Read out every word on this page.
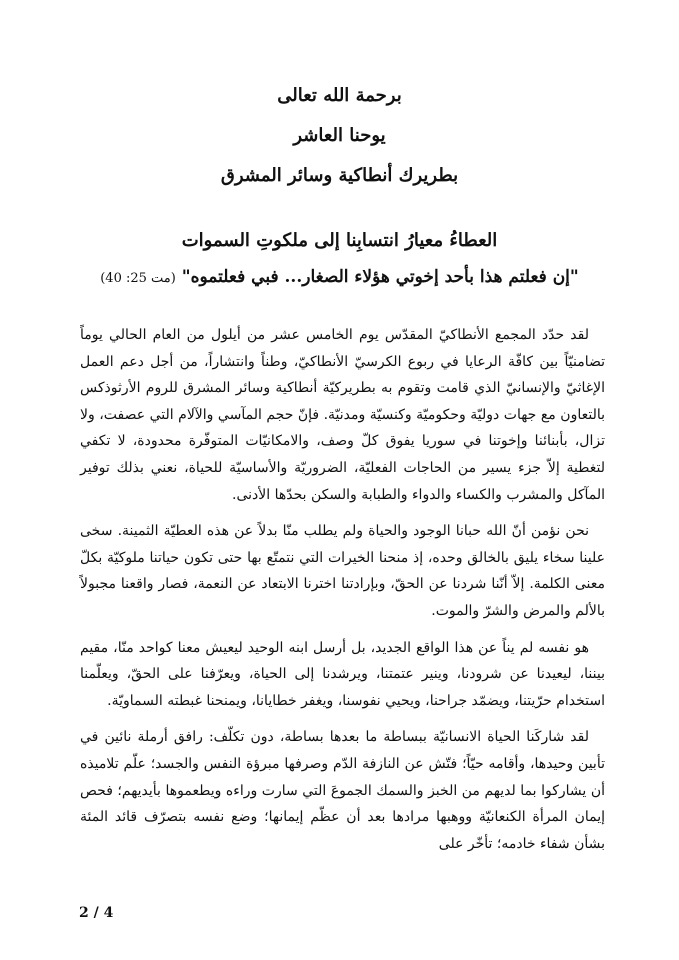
برحمة الله تعالى
يوحنا العاشر
بطريرك أنطاكية وسائر المشرق
العطاءُ معيارُ انتسابِنا إلى ملكوتِ السموات
"إن فعلتم هذا بأحد إخوتي هؤلاء الصغار... فبي فعلتموه" (مت 25: 40)

لقد حدّد المجمع الأنطاكيّ المقدّس يوم الخامس عشر من أيلول من العام الحالي يوماً تضامنيّاً بين كافّة الرعايا في ربوع الكرسيّ الأنطاكيّ، وطناً وانتشاراً، من أجل دعم العمل الإغاثيّ والإنسانيّ الذي قامت وتقوم به بطريركيّة أنطاكية وسائر المشرق للروم الأرثوذكس بالتعاون مع جهات دوليّة وحكوميّة وكنسيّة ومدنيّة. فإنّ حجم المآسي والآلام التي عصفت، ولا تزال، بأبنائنا وإخوتنا في سوريا يفوق كلّ وصف، والامكانيّات المتوفّرة محدودة، لا تكفي لتغطية إلاّ جزء يسير من الحاجات الفعليّة، الضروريّة والأساسيّة للحياة، نعني بذلك توفير المآكل والمشرب والكساء والدواء والطبابة والسكن بحدّها الأدنى.

نحن نؤمن أنّ الله حبانا الوجود والحياة ولم يطلب منّا بدلاً عن هذه العطيّة الثمينة. سخى علينا سخاء يليق بالخالق وحده، إذ منحنا الخيرات التي نتمتّع بها حتى تكون حياتنا ملوكيّة بكلّ معنى الكلمة. إلاّ أنّنا شردنا عن الحقّ، وبإرادتنا اخترنا الابتعاد عن النعمة، فصار واقعنا مجبولاً بالألم والمرض والشرّ والموت.

هو نفسه لم يناً عن هذا الواقع الجديد، بل أرسل ابنه الوحيد ليعيش معنا كواحد منّا، مقيم بيننا، ليعيدنا عن شرودنا، وينير عتمتنا، ويرشدنا إلى الحياة، ويعرّفنا على الحقّ، ويعلّمنا استخدام حرّيتنا، ويضمّد جراحنا، ويحيي نفوسنا، ويغفر خطايانا، ويمنحنا غبطته السماويّة.

لقد شاركَنا الحياة الانسانيّة ببساطة ما بعدها بساطة، دون تكلّف: رافق أرملة نائين في تأبين وحيدها، وأقامه حيّاً؛ فتّش عن النازفة الدّم وصرفها مبرؤة النفس والجسد؛ علّم تلاميذه أن يشاركوا بما لديهم من الخبز والسمك الجموعَ التي سارت وراءه ويطعموها بأيديهم؛ فحص إيمان المرأة الكنعانيّة ووهبها مرادها بعد أن عظّم إيمانها؛ وضع نفسه بتصرّف قائد المئة بشأن شفاء خادمه؛ تأخّر على

2 / 4
